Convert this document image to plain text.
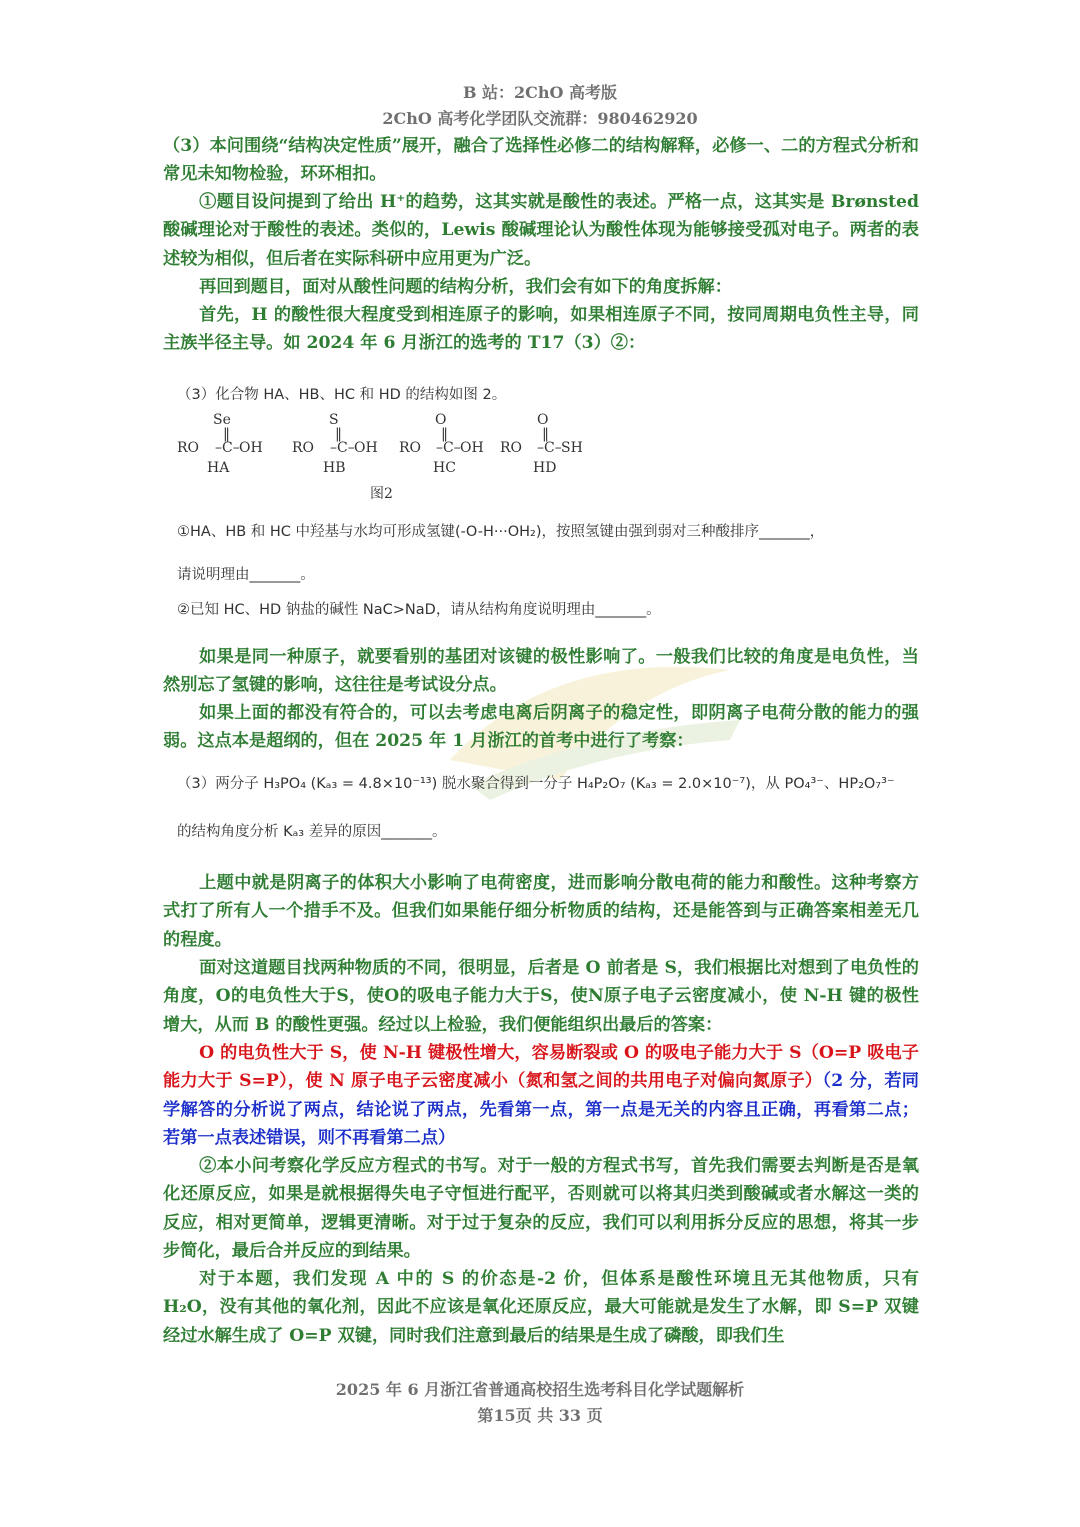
B 站：2ChO 高考版
2ChO 高考化学团队交流群：980462920
（3）本问围绕“结构决定性质”展开，融合了选择性必修二的结构解释，必修一、二的方程式分析和常见未知物检验，环环相扣。
①题目设问提到了给出 H⁺的趋势，这其实就是酸性的表述。严格一点，这其实是 Brønsted 酸碱理论对于酸性的表述。类似的，Lewis 酸碱理论认为酸性体现为能够接受孤对电子。两者的表述较为相似，但后者在实际科研中应用更为广泛。
再回到题目，面对从酸性问题的结构分析，我们会有如下的角度拆解：
首先，H 的酸性很大程度受到相连原子的影响，如果相连原子不同，按同周期电负性主导，同主族半径主导。如 2024 年 6 月浙江的选考的 T17（3）②：
（3）化合物 HA、HB、HC 和 HD 的结构如图 2。
Se
RO –C– OH
HA
‖
S
RO –C– OH
HB
‖
O
RO –C– OH
HC
‖
O
RO –C– SH
HD
‖
图2
①HA、HB 和 HC 中羟基与水均可形成氢键(-O-H···OH₂)，按照氢键由强到弱对三种酸排序_______，
请说明理由_______。
②已知 HC、HD 钠盐的碱性 NaC>NaD，请从结构角度说明理由_______。
如果是同一种原子，就要看别的基团对该键的极性影响了。一般我们比较的角度是电负性，当然别忘了氢键的影响，这往往是考试设分点。
如果上面的都没有符合的，可以去考虑电离后阴离子的稳定性，即阴离子电荷分散的能力的强弱。这点本是超纲的，但在 2025 年 1 月浙江的首考中进行了考察：
（3）两分子 H₃PO₄ (Kₐ₃ = 4.8×10⁻¹³) 脱水聚合得到一分子 H₄P₂O₇ (Kₐ₃ = 2.0×10⁻⁷)，从 PO₄³⁻、HP₂O₇³⁻
的结构角度分析 Kₐ₃ 差异的原因_______。
上题中就是阴离子的体积大小影响了电荷密度，进而影响分散电荷的能力和酸性。这种考察方式打了所有人一个措手不及。但我们如果能仔细分析物质的结构，还是能答到与正确答案相差无几的程度。
面对这道题目找两种物质的不同，很明显，后者是 O 前者是 S，我们根据比对想到了电负性的角度，O的电负性大于S，使O的吸电子能力大于S，使N原子电子云密度减小，使 N-H 键的极性增大，从而 B 的酸性更强。经过以上检验，我们便能组织出最后的答案：
O 的电负性大于 S，使 N-H 键极性增大，容易断裂或 O 的吸电子能力大于 S（O=P 吸电子能力大于 S=P），使 N 原子电子云密度减小（氮和氢之间的共用电子对偏向氮原子）（2 分，若同学解答的分析说了两点，结论说了两点，先看第一点，第一点是无关的内容且正确，再看第二点；若第一点表述错误，则不再看第二点）
②本小问考察化学反应方程式的书写。对于一般的方程式书写，首先我们需要去判断是否是氧化还原反应，如果是就根据得失电子守恒进行配平，否则就可以将其归类到酸碱或者水解这一类的反应，相对更简单，逻辑更清晰。对于过于复杂的反应，我们可以利用拆分反应的思想，将其一步步简化，最后合并反应的到结果。
对于本题，我们发现 A 中的 S 的价态是-2 价，但体系是酸性环境且无其他物质，只有 H₂O，没有其他的氧化剂，因此不应该是氧化还原反应，最大可能就是发生了水解，即 S=P 双键经过水解生成了 O=P 双键，同时我们注意到最后的结果是生成了磷酸，即我们生
2025 年 6 月浙江省普通高校招生选考科目化学试题解析
第15页 共 33 页
